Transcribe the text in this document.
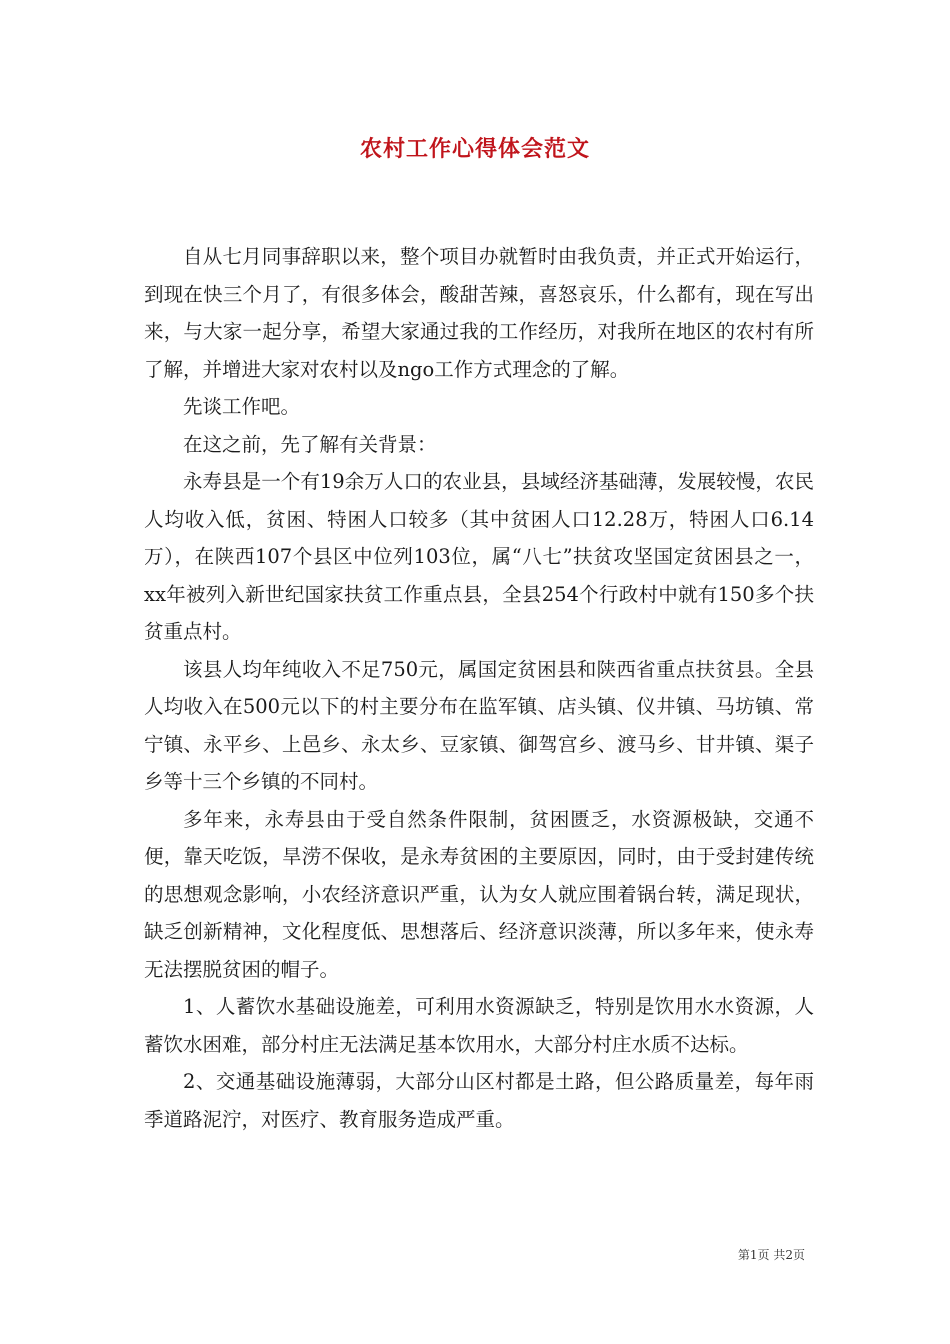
农村工作心得体会范文

自从七月同事辞职以来，整个项目办就暂时由我负责，并正式开始运行，到现在快三个月了，有很多体会，酸甜苦辣，喜怒哀乐，什么都有，现在写出来，与大家一起分享，希望大家通过我的工作经历，对我所在地区的农村有所了解，并增进大家对农村以及ngo工作方式理念的了解。

先谈工作吧。

在这之前，先了解有关背景：

永寿县是一个有19余万人口的农业县，县域经济基础薄，发展较慢，农民人均收入低，贫困、特困人口较多（其中贫困人口12.28万，特困人口6.14万），在陕西107个县区中位列103位，属“八七”扶贫攻坚国定贫困县之一，xx年被列入新世纪国家扶贫工作重点县，全县254个行政村中就有150多个扶贫重点村。

该县人均年纯收入不足750元，属国定贫困县和陕西省重点扶贫县。全县人均收入在500元以下的村主要分布在监军镇、店头镇、仪井镇、马坊镇、常宁镇、永平乡、上邑乡、永太乡、豆家镇、御驾宫乡、渡马乡、甘井镇、渠子乡等十三个乡镇的不同村。

多年来，永寿县由于受自然条件限制，贫困匮乏，水资源极缺，交通不便，靠天吃饭，旱涝不保收，是永寿贫困的主要原因，同时，由于受封建传统的思想观念影响，小农经济意识严重，认为女人就应围着锅台转，满足现状，缺乏创新精神，文化程度低、思想落后、经济意识淡薄，所以多年来，使永寿无法摆脱贫困的帽子。

1、人蓄饮水基础设施差，可利用水资源缺乏，特别是饮用水水资源，人蓄饮水困难，部分村庄无法满足基本饮用水，大部分村庄水质不达标。

2、交通基础设施薄弱，大部分山区村都是土路，但公路质量差，每年雨季道路泥泞，对医疗、教育服务造成严重。

第1页 共2页
